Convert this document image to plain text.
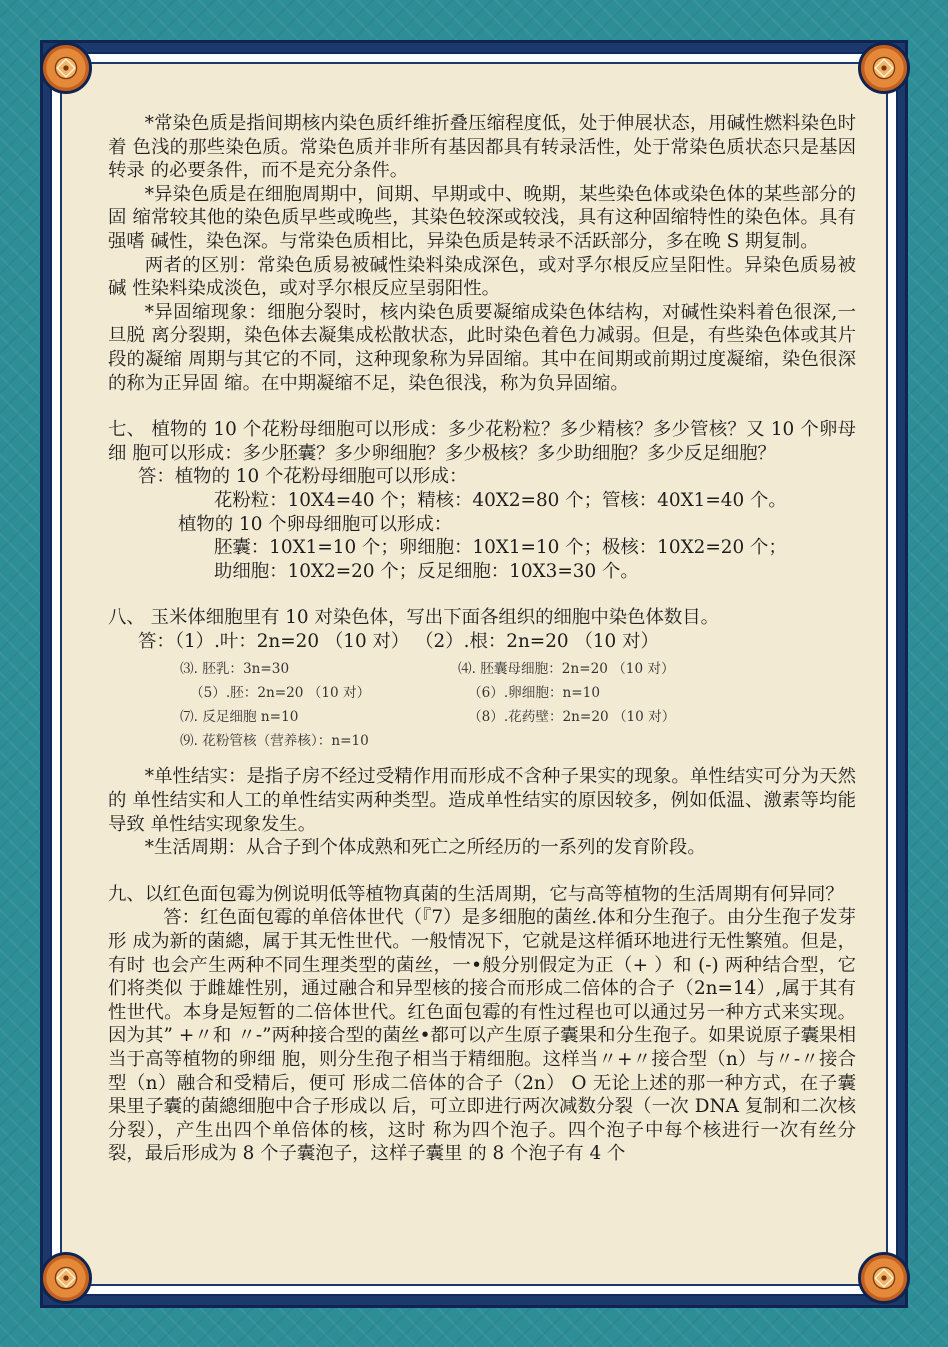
*常染色质是指间期核内染色质纤维折叠压缩程度低，处于伸展状态，用碱性燃料染色时着 色浅的那些染色质。常染色质并非所有基因都具有转录活性，处于常染色质状态只是基因转录 的必要条件，而不是充分条件。

*异染色质是在细胞周期中，间期、早期或中、晚期，某些染色体或染色体的某些部分的固 缩常较其他的染色质早些或晚些，其染色较深或较浅，具有这种固缩特性的染色体。具有强嗜 碱性，染色深。与常染色质相比，异染色质是转录不活跃部分，多在晚 S 期复制。

两者的区别：常染色质易被碱性染料染成深色，或对孚尔根反应呈阳性。异染色质易被碱 性染料染成淡色，或对孚尔根反应呈弱阳性。

*异固缩现象：细胞分裂时，核内染色质要凝缩成染色体结构，对碱性染料着色很深,一旦脱 离分裂期，染色体去凝集成松散状态，此时染色着色力减弱。但是，有些染色体或其片段的凝缩 周期与其它的不同，这种现象称为异固缩。其中在间期或前期过度凝缩，染色很深的称为正异固 缩。在中期凝缩不足，染色很浅，称为负异固缩。

七、 植物的 10 个花粉母细胞可以形成：多少花粉粒？多少精核？多少管核？又 10 个卵母细 胞可以形成：多少胚囊？多少卵细胞？多少极核？多少助细胞？多少反足细胞？

答：植物的 10 个花粉母细胞可以形成：

花粉粒：10X4=40 个；精核：40X2=80 个；管核：40X1=40 个。

植物的 10 个卵母细胞可以形成：

胚囊：10X1=10 个；卵细胞：10X1=10 个；极核：10X2=20 个；

助细胞：10X2=20 个；反足细胞：10X3=30 个。

八、 玉米体细胞里有 10 对染色体，写出下面各组织的细胞中染色体数目。

答：（1）.叶：2n=20 （10 对） （2）.根：2n=20 （10 对）

⑶. 胚乳：3n=30	⑷. 胚囊母细胞：2n=20 （10 对）
（5）.胚：2n=20 （10 对）	（6）.卵细胞：n=10
⑺. 反足细胞 n=10	（8）.花药壁：2n=20 （10 对）
⑼. 花粉管核（营养核）：n=10

*单性结实：是指子房不经过受精作用而形成不含种子果实的现象。单性结实可分为天然的 单性结实和人工的单性结实两种类型。造成单性结实的原因较多，例如低温、激素等均能导致 单性结实现象发生。

*生活周期：从合子到个体成熟和死亡之所经历的一系列的发育阶段。

九、以红色面包霉为例说明低等植物真菌的生活周期，它与高等植物的生活周期有何异同？

答：红色面包霉的单倍体世代（『7）是多细胞的菌丝.体和分生孢子。由分生孢子发芽形 成为新的菌總，属于其无性世代。一般情况下，它就是这样循环地进行无性繁殖。但是，有时 也会产生两种不同生理类型的菌丝，一•般分别假定为正（+ ）和 (-) 两种结合型，它们将类似 于雌雄性别，通过融合和异型核的接合而形成二倍体的合子（2n=14）,属于其有性世代。本身是短暂的二倍体世代。红色面包霉的有性过程也可以通过另一种方式来实现。因为其” +〃和 〃-”两种接合型的菌丝•都可以产生原子囊果和分生孢子。如果说原子囊果相当于高等植物的卵细 胞，则分生孢子相当于精细胞。这样当〃+〃接合型（n）与〃-〃接合型（n）融合和受精后，便可 形成二倍体的合子（2n） O 无论上述的那一种方式，在子囊果里子囊的菌總细胞中合子形成以 后，可立即进行两次减数分裂（一次 DNA 复制和二次核分裂），产生出四个单倍体的核，这时 称为四个泡子。四个泡子中每个核进行一次有丝分裂，最后形成为 8 个子囊泡子，这样子囊里 的 8 个泡子有 4 个
